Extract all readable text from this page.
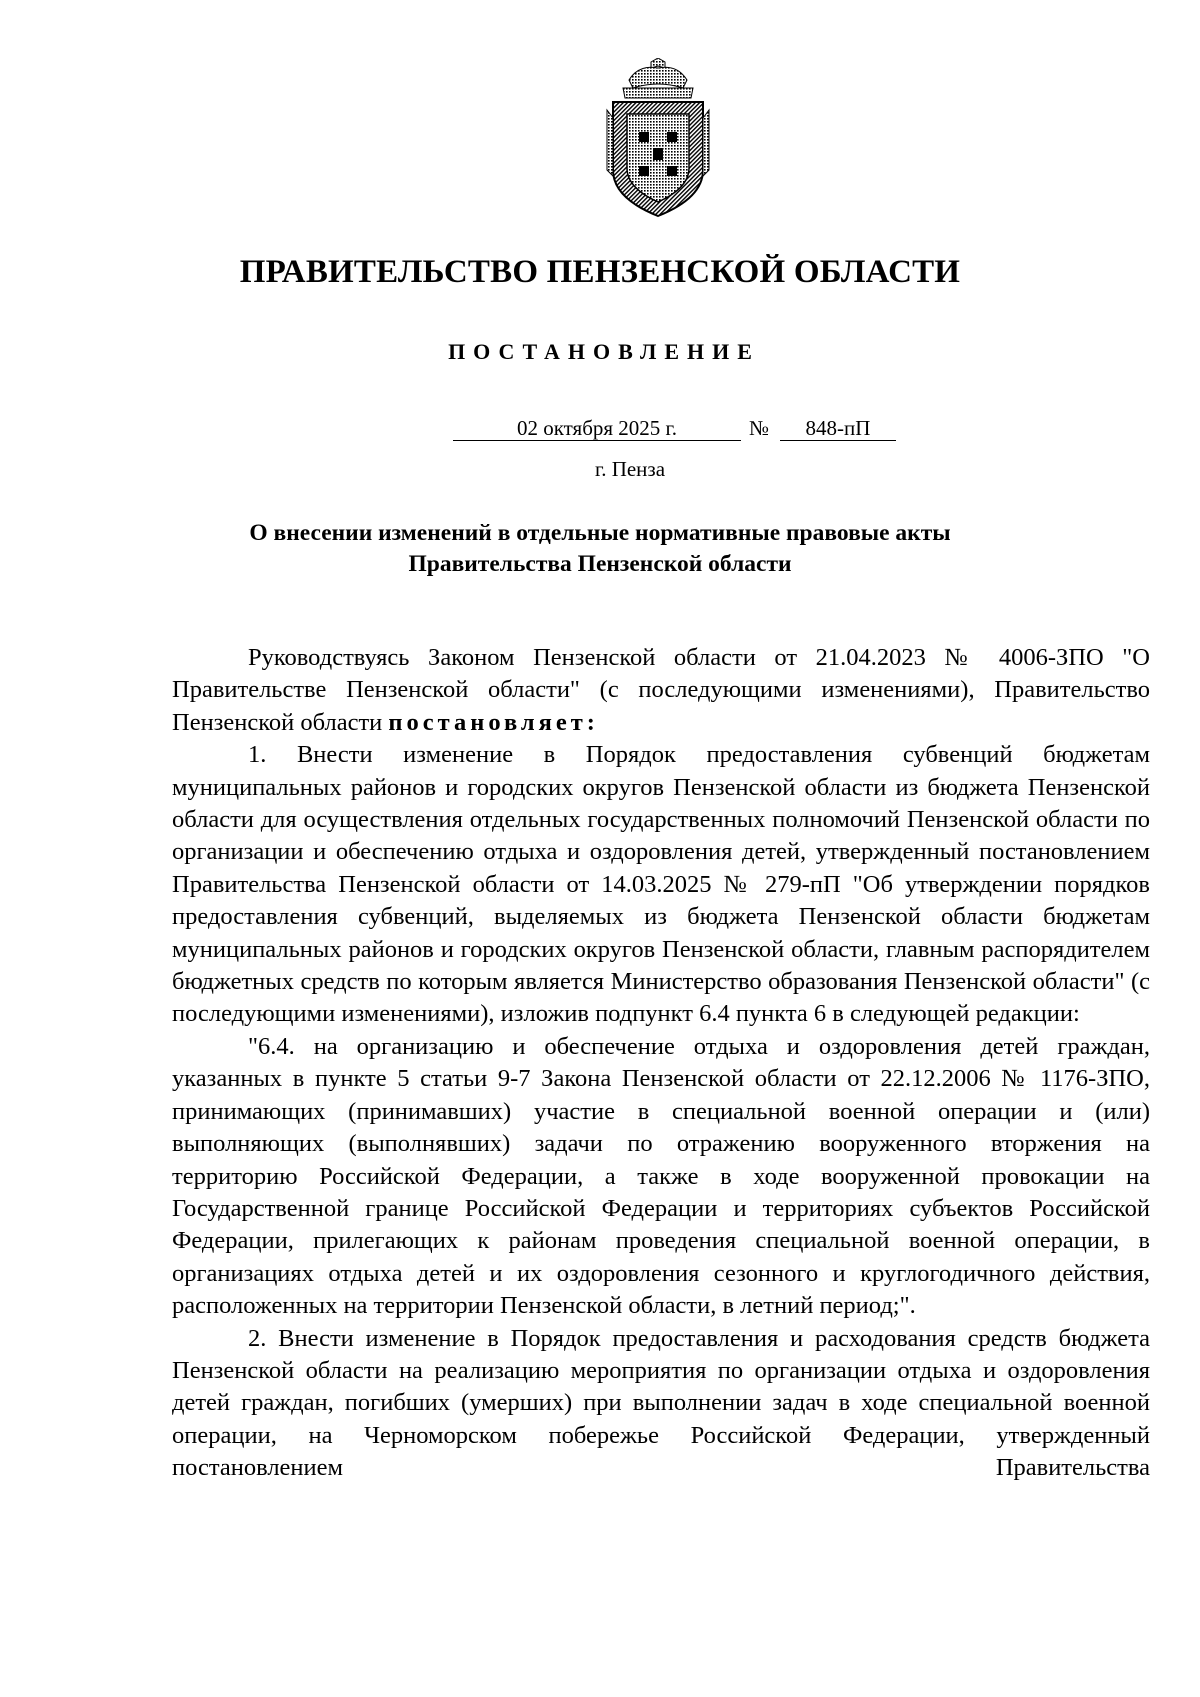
ПРАВИТЕЛЬСТВО ПЕНЗЕНСКОЙ ОБЛАСТИ
ПОСТАНОВЛЕНИЕ
02 октября 2025 г.	№	848-пП
г. Пенза
О внесении изменений в отдельные нормативные правовые акты
Правительства Пензенской области

Руководствуясь Законом Пензенской области от 21.04.2023 № 4006-ЗПО "О Правительстве Пензенской области" (с последующими изменениями), Правительство Пензенской области постановляет:

1. Внести изменение в Порядок предоставления субвенций бюджетам муниципальных районов и городских округов Пензенской области из бюджета Пензенской области для осуществления отдельных государственных полномочий Пензенской области по организации и обеспечению отдыха и оздоровления детей, утвержденный постановлением Правительства Пензенской области от 14.03.2025 № 279-пП "Об утверждении порядков предоставления субвенций, выделяемых из бюджета Пензенской области бюджетам муниципальных районов и городских округов Пензенской области, главным распорядителем бюджетных средств по которым является Министерство образования Пензенской области" (с последующими изменениями), изложив подпункт 6.4 пункта 6 в следующей редакции:

"6.4. на организацию и обеспечение отдыха и оздоровления детей граждан, указанных в пункте 5 статьи 9-7 Закона Пензенской области от 22.12.2006 № 1176-ЗПО, принимающих (принимавших) участие в специальной военной операции и (или) выполняющих (выполнявших) задачи по отражению вооруженного вторжения на территорию Российской Федерации, а также в ходе вооруженной провокации на Государственной границе Российской Федерации и территориях субъектов Российской Федерации, прилегающих к районам проведения специальной военной операции, в организациях отдыха детей и их оздоровления сезонного и круглогодичного действия, расположенных на территории Пензенской области, в летний период;".

2. Внести изменение в Порядок предоставления и расходования средств бюджета Пензенской области на реализацию мероприятия по организации отдыха и оздоровления детей граждан, погибших (умерших) при выполнении задач в ходе специальной военной операции, на Черноморском побережье Российской Федерации, утвержденный постановлением Правительства
